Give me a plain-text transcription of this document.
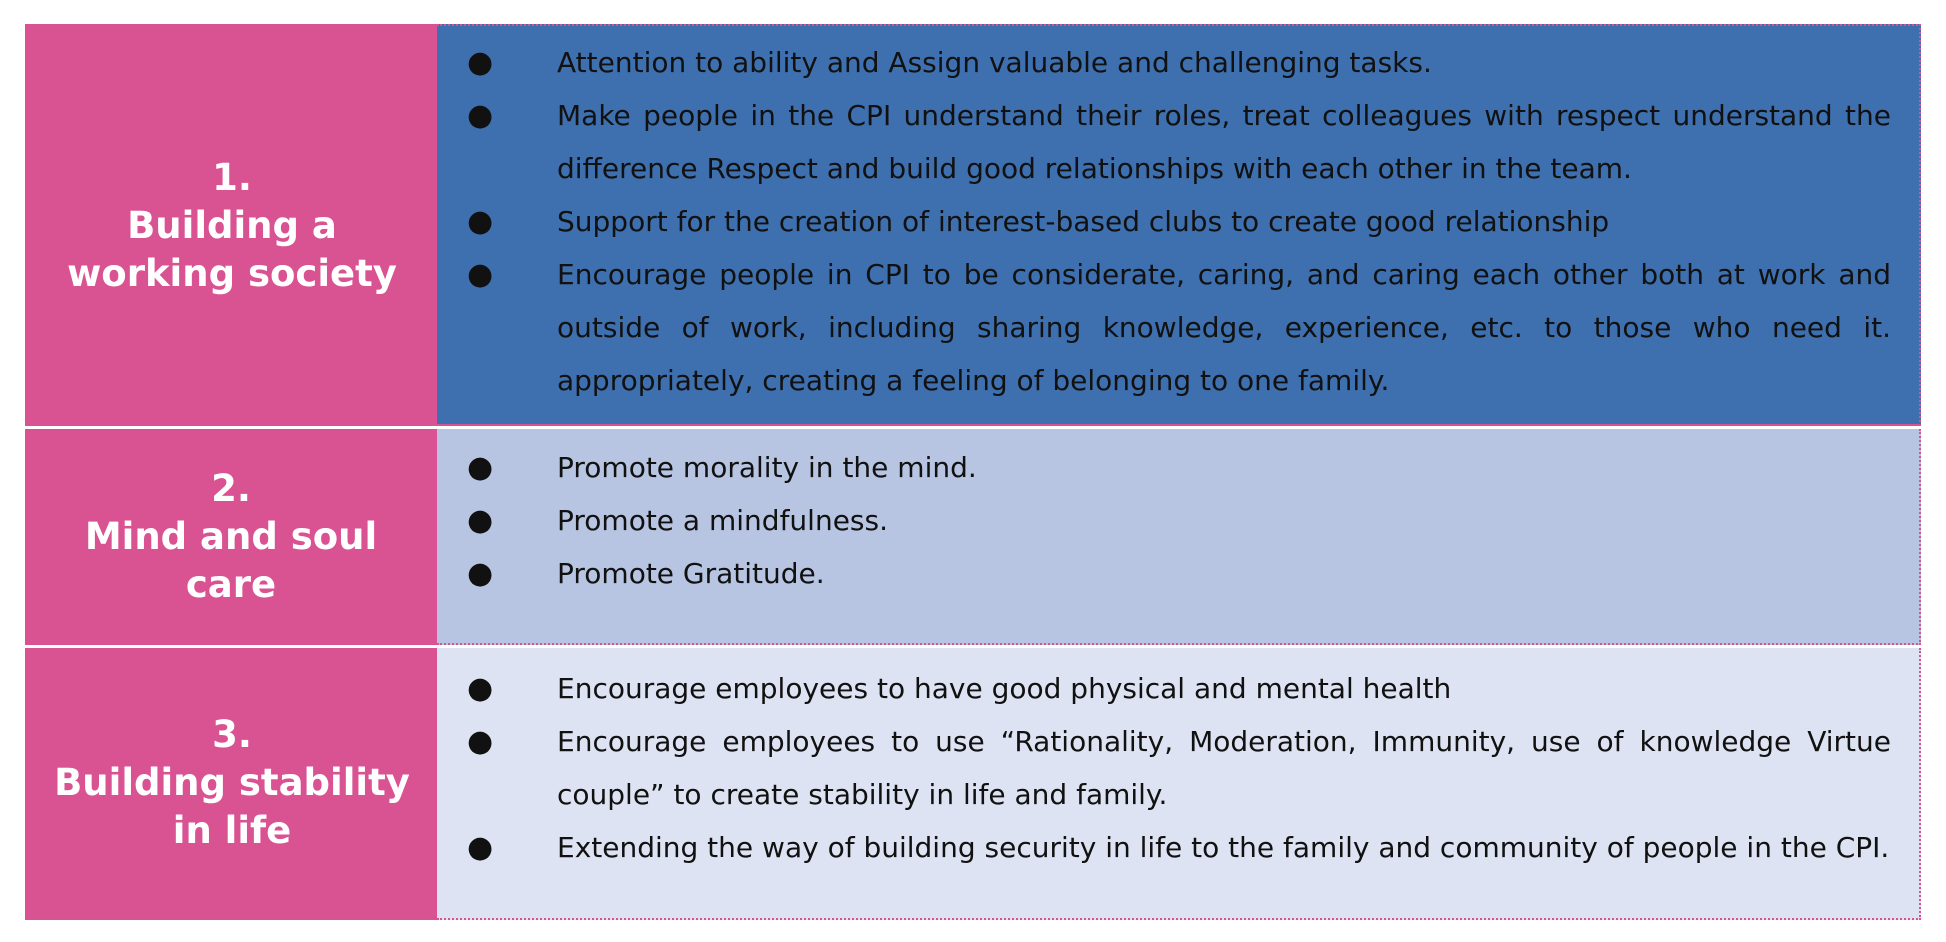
1.
Building a working society
● Attention to ability and Assign valuable and challenging tasks.
● Make people in the CPI understand their roles, treat colleagues with respect understand the difference Respect and build good relationships with each other in the team.
● Support for the creation of interest-based clubs to create good relationship
● Encourage people in CPI to be considerate, caring, and caring each other both at work and outside of work, including sharing knowledge, experience, etc. to those who need it. appropriately, creating a feeling of belonging to one family.
2.
Mind and soul care
● Promote morality in the mind.
● Promote a mindfulness.
● Promote Gratitude.
3.
Building stability in life
● Encourage employees to have good physical and mental health
● Encourage employees to use “Rationality, Moderation, Immunity, use of knowledge Virtue couple” to create stability in life and family.
● Extending the way of building security in life to the family and community of people in the CPI.
